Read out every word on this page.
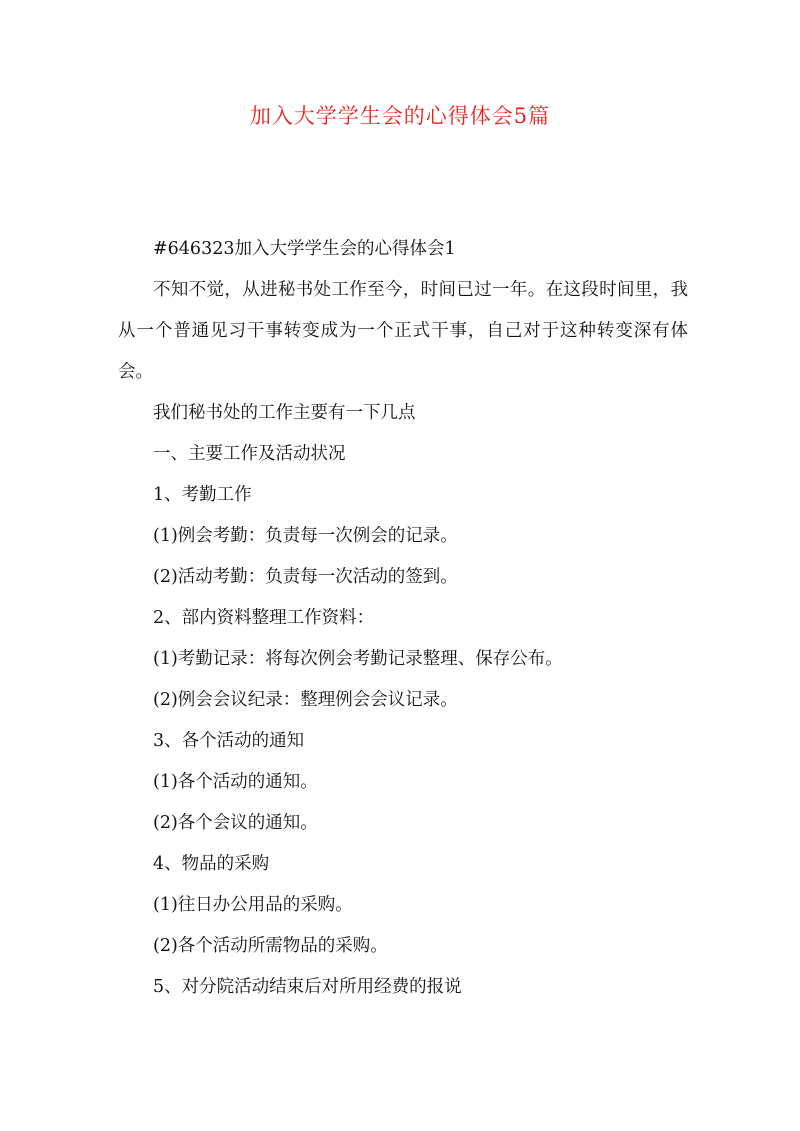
加入大学学生会的心得体会5篇

#646323加入大学学生会的心得体会1

不知不觉，从进秘书处工作至今，时间已过一年。在这段时间里，我从一个普通见习干事转变成为一个正式干事，自己对于这种转变深有体会。

我们秘书处的工作主要有一下几点

一、主要工作及活动状况

1、考勤工作

(1)例会考勤：负责每一次例会的记录。

(2)活动考勤：负责每一次活动的签到。

2、部内资料整理工作资料：

(1)考勤记录：将每次例会考勤记录整理、保存公布。

(2)例会会议纪录：整理例会会议记录。

3、各个活动的通知

(1)各个活动的通知。

(2)各个会议的通知。

4、物品的采购

(1)往日办公用品的采购。

(2)各个活动所需物品的采购。

5、对分院活动结束后对所用经费的报说
